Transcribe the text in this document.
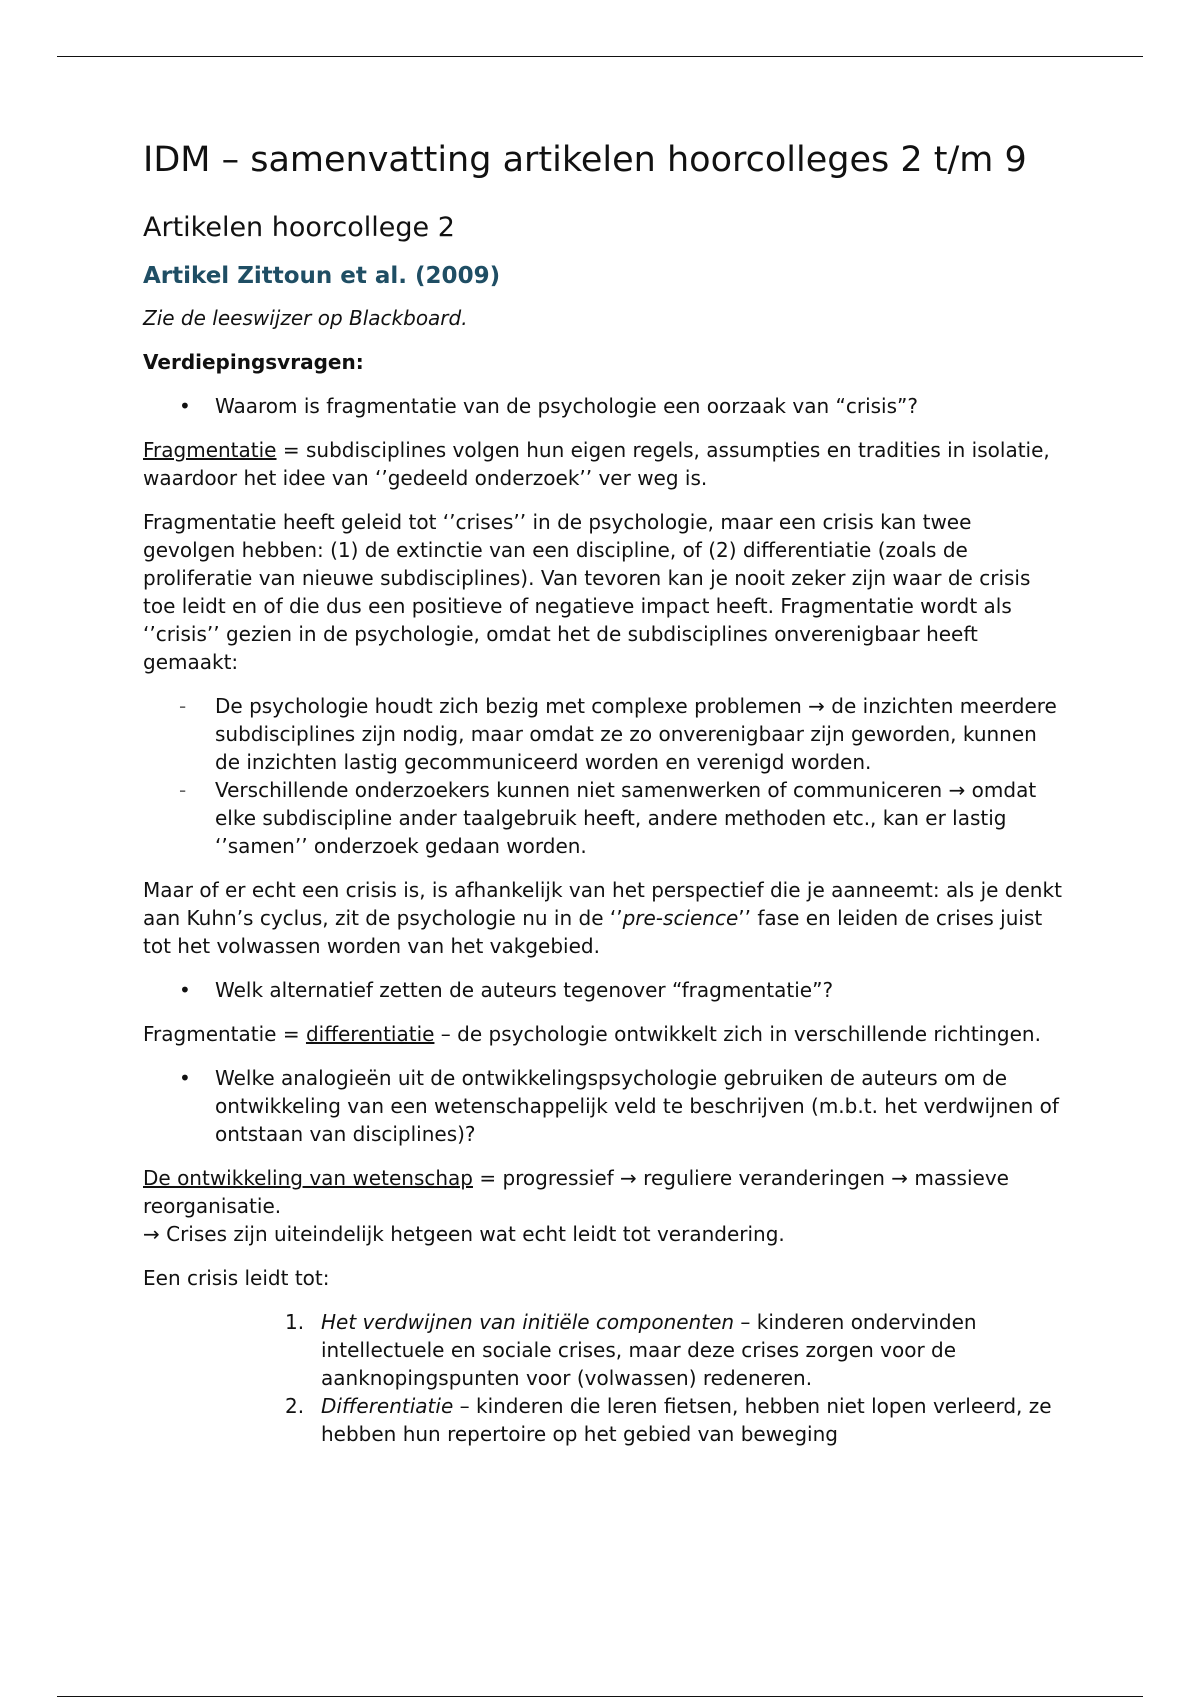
IDM – samenvatting artikelen hoorcolleges 2 t/m 9
Artikelen hoorcollege 2
Artikel Zittoun et al. (2009)

Zie de leeswijzer op Blackboard.

Verdiepingsvragen:

• Waarom is fragmentatie van de psychologie een oorzaak van “crisis”?

Fragmentatie = subdisciplines volgen hun eigen regels, assumpties en tradities in isolatie, waardoor het idee van ‘’gedeeld onderzoek’’ ver weg is.

Fragmentatie heeft geleid tot ‘’crises’’ in de psychologie, maar een crisis kan twee gevolgen hebben: (1) de extinctie van een discipline, of (2) differentiatie (zoals de proliferatie van nieuwe subdisciplines). Van tevoren kan je nooit zeker zijn waar de crisis toe leidt en of die dus een positieve of negatieve impact heeft. Fragmentatie wordt als ‘’crisis’’ gezien in de psychologie, omdat het de subdisciplines onverenigbaar heeft gemaakt:

- De psychologie houdt zich bezig met complexe problemen → de inzichten meerdere subdisciplines zijn nodig, maar omdat ze zo onverenigbaar zijn geworden, kunnen de inzichten lastig gecommuniceerd worden en verenigd worden.
- Verschillende onderzoekers kunnen niet samenwerken of communiceren → omdat elke subdiscipline ander taalgebruik heeft, andere methoden etc., kan er lastig ‘’samen’’ onderzoek gedaan worden.

Maar of er echt een crisis is, is afhankelijk van het perspectief die je aanneemt: als je denkt aan Kuhn’s cyclus, zit de psychologie nu in de ‘’pre-science’’ fase en leiden de crises juist tot het volwassen worden van het vakgebied.

• Welk alternatief zetten de auteurs tegenover “fragmentatie”?

Fragmentatie = differentiatie – de psychologie ontwikkelt zich in verschillende richtingen.

• Welke analogieën uit de ontwikkelingspsychologie gebruiken de auteurs om de ontwikkeling van een wetenschappelijk veld te beschrijven (m.b.t. het verdwijnen of ontstaan van disciplines)?

De ontwikkeling van wetenschap = progressief → reguliere veranderingen → massieve reorganisatie.
→ Crises zijn uiteindelijk hetgeen wat echt leidt tot verandering.

Een crisis leidt tot:

1. Het verdwijnen van initiële componenten – kinderen ondervinden intellectuele en sociale crises, maar deze crises zorgen voor de aanknopingspunten voor (volwassen) redeneren.
2. Differentiatie – kinderen die leren fietsen, hebben niet lopen verleerd, ze hebben hun repertoire op het gebied van beweging
